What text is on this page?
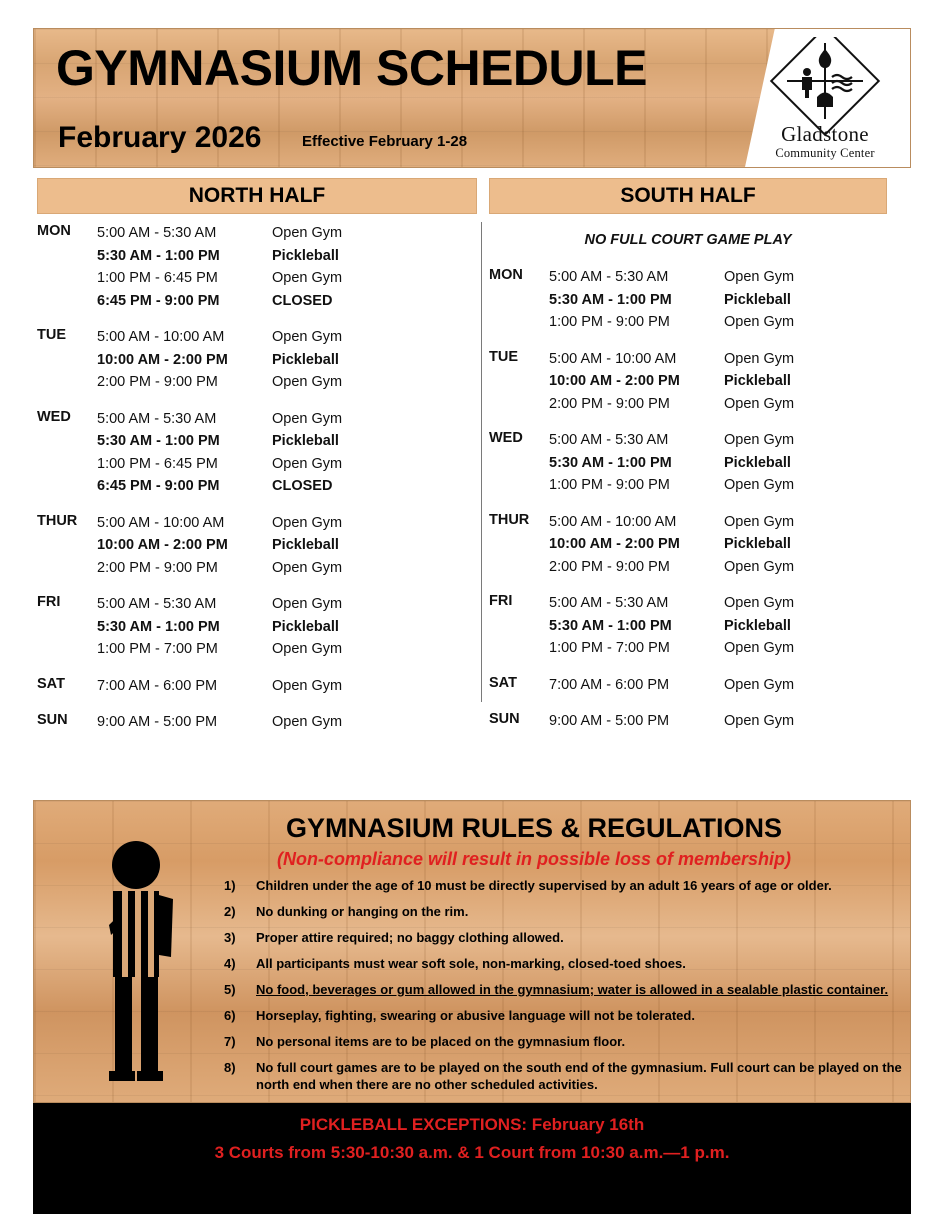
GYMNASIUM SCHEDULE
February 2026	Effective February 1-28	Gladstone
Community Center
NORTH HALF	SOUTH HALF
MON	5:00 AM - 5:30 AM	Open Gym
5:30 AM - 1:00 PM	Pickleball
1:00 PM - 6:45 PM	Open Gym
6:45 PM - 9:00 PM	CLOSED
TUE	5:00 AM - 10:00 AM	Open Gym
10:00 AM - 2:00 PM	Pickleball
2:00 PM - 9:00 PM	Open Gym
WED	5:00 AM - 5:30 AM	Open Gym
5:30 AM - 1:00 PM	Pickleball
1:00 PM - 6:45 PM	Open Gym
6:45 PM - 9:00 PM	CLOSED
THUR	5:00 AM - 10:00 AM	Open Gym
10:00 AM - 2:00 PM	Pickleball
2:00 PM - 9:00 PM	Open Gym
FRI	5:00 AM - 5:30 AM	Open Gym
5:30 AM - 1:00 PM	Pickleball
1:00 PM - 7:00 PM	Open Gym
SAT	7:00 AM - 6:00 PM	Open Gym
SUN	9:00 AM - 5:00 PM	Open Gym
NO FULL COURT GAME PLAY
MON	5:00 AM - 5:30 AM	Open Gym
5:30 AM - 1:00 PM	Pickleball
1:00 PM - 9:00 PM	Open Gym
TUE	5:00 AM - 10:00 AM	Open Gym
10:00 AM - 2:00 PM	Pickleball
2:00 PM - 9:00 PM	Open Gym
WED	5:00 AM - 5:30 AM	Open Gym
5:30 AM - 1:00 PM	Pickleball
1:00 PM - 9:00 PM	Open Gym
THUR	5:00 AM - 10:00 AM	Open Gym
10:00 AM - 2:00 PM	Pickleball
2:00 PM - 9:00 PM	Open Gym
FRI	5:00 AM - 5:30 AM	Open Gym
5:30 AM - 1:00 PM	Pickleball
1:00 PM - 7:00 PM	Open Gym
SAT	7:00 AM - 6:00 PM	Open Gym
SUN	9:00 AM - 5:00 PM	Open Gym
GYMNASIUM RULES & REGULATIONS
(Non-compliance will result in possible loss of membership)
1)	Children under the age of 10 must be directly supervised by an adult 16 years of age or older.
2)	No dunking or hanging on the rim.
3)	Proper attire required; no baggy clothing allowed.
4)	All participants must wear soft sole, non-marking, closed-toed shoes.
5)	No food, beverages or gum allowed in the gymnasium; water is allowed in a sealable plastic container.
6)	Horseplay, fighting, swearing or abusive language will not be tolerated.
7)	No personal items are to be placed on the gymnasium floor.
8)	No full court games are to be played on the south end of the gymnasium. Full court can be played on the north end when there are no other scheduled activities.
PICKLEBALL EXCEPTIONS: February 16th
3 Courts from 5:30-10:30 a.m. & 1 Court from 10:30 a.m.—1 p.m.
